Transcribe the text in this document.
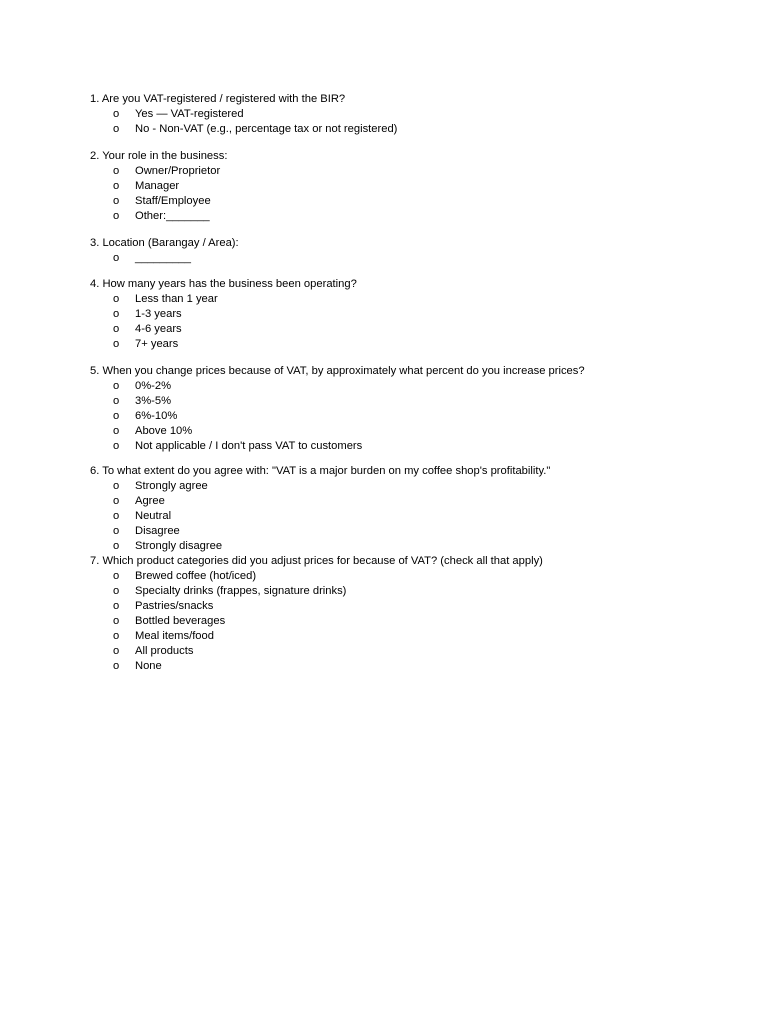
1. Are you VAT-registered / registered with the BIR?
o Yes — VAT-registered
o No - Non-VAT (e.g., percentage tax or not registered)
2. Your role in the business:
o Owner/Proprietor
o Manager
o Staff/Employee
o Other:_______
3. Location (Barangay / Area):
o _________
4. How many years has the business been operating?
o Less than 1 year
o 1-3 years
o 4-6 years
o 7+ years
5. When you change prices because of VAT, by approximately what percent do you increase prices?
o 0%-2%
o 3%-5%
o 6%-10%
o Above 10%
o Not applicable / I don't pass VAT to customers
6. To what extent do you agree with: "VAT is a major burden on my coffee shop's profitability."
o Strongly agree
o Agree
o Neutral
o Disagree
o Strongly disagree
7. Which product categories did you adjust prices for because of VAT? (check all that apply)
o Brewed coffee (hot/iced)
o Specialty drinks (frappes, signature drinks)
o Pastries/snacks
o Bottled beverages
o Meal items/food
o All products
o None
